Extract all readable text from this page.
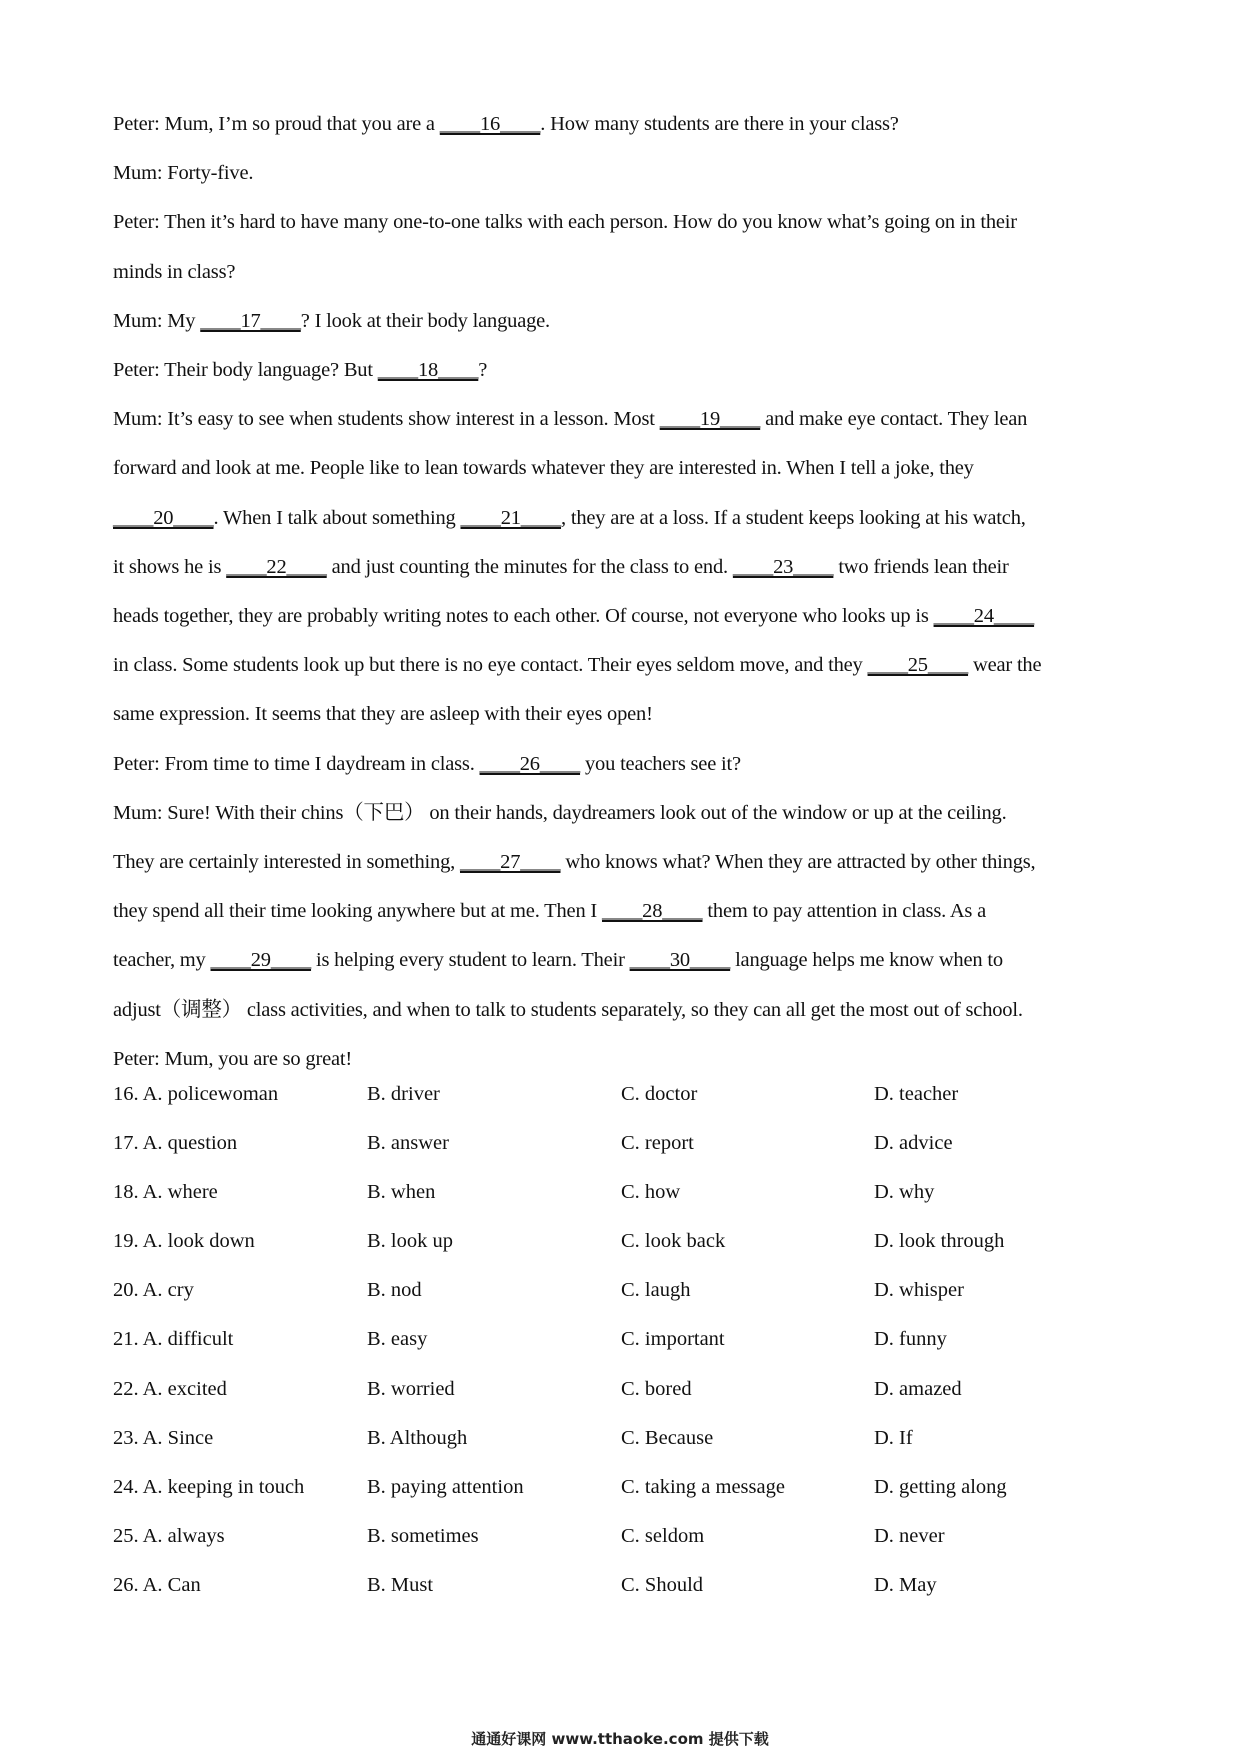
Peter: Mum, I’m so proud that you are a ____16____. How many students are there in your class?
Mum: Forty-five.
Peter: Then it’s hard to have many one-to-one talks with each person. How do you know what’s going on in their
minds in class?
Mum: My ____17____? I look at their body language.
Peter: Their body language? But ____18____?
Mum: It’s easy to see when students show interest in a lesson. Most ____19____ and make eye contact. They lean
forward and look at me. People like to lean towards whatever they are interested in. When I tell a joke, they
____20____. When I talk about something ____21____, they are at a loss. If a student keeps looking at his watch,
it shows he is ____22____ and just counting the minutes for the class to end. ____23____ two friends lean their
heads together, they are probably writing notes to each other. Of course, not everyone who looks up is ____24____
in class. Some students look up but there is no eye contact. Their eyes seldom move, and they ____25____ wear the
same expression. It seems that they are asleep with their eyes open!
Peter: From time to time I daydream in class. ____26____ you teachers see it?
Mum: Sure! With their chins（下巴） on their hands, daydreamers look out of the window or up at the ceiling.
They are certainly interested in something, ____27____ who knows what? When they are attracted by other things,
they spend all their time looking anywhere but at me. Then I ____28____ them to pay attention in class. As a
teacher, my ____29____ is helping every student to learn. Their ____30____ language helps me know when to
adjust（调整） class activities, and when to talk to students separately, so they can all get the most out of school.
Peter: Mum, you are so great!
16. A. policewoman	B. driver	C. doctor	D. teacher
17. A. question	B. answer	C. report	D. advice
18. A. where	B. when	C. how	D. why
19. A. look down	B. look up	C. look back	D. look through
20. A. cry	B. nod	C. laugh	D. whisper
21. A. difficult	B. easy	C. important	D. funny
22. A. excited	B. worried	C. bored	D. amazed
23. A. Since	B. Although	C. Because	D. If
24. A. keeping in touch	B. paying attention	C. taking a message	D. getting along
25. A. always	B. sometimes	C. seldom	D. never
26. A. Can	B. Must	C. Should	D. May
通通好课网 www.tthaoke.com 提供下载
